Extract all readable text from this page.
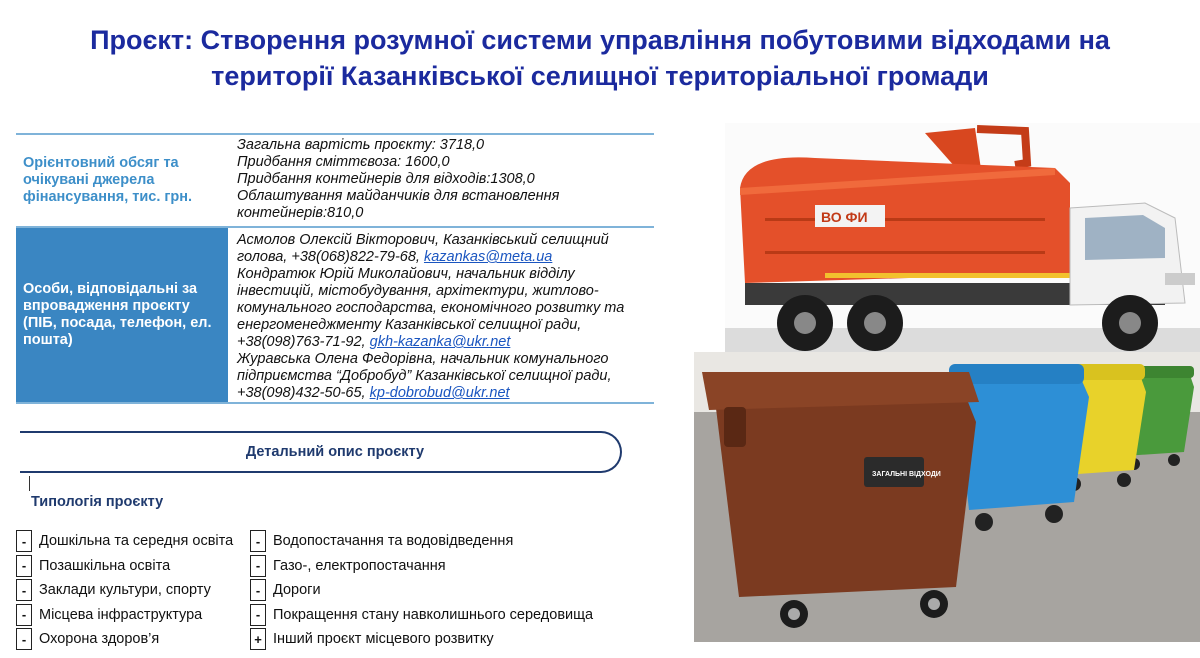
Проєкт: Створення розумної системи управління побутовими відходами на
території Казанківської селищної територіальної громади
Орієнтовний обсяг та очікувані джерела фінансування, тис. грн.
Загальна вартість проєкту: 3718,0
Придбання сміттєвоза: 1600,0
Придбання контейнерів для відходів:1308,0
Облаштування майданчиків для встановлення контейнерів:810,0
Особи, відповідальні за впровадження проєкту (ПІБ, посада, телефон, ел. пошта)
Асмолов Олексій Вікторович, Казанківський селищний голова, +38(068)822-79-68, kazankas@meta.ua
Кондратюк Юрій Миколайович, начальник відділу інвестицій, містобудування, архітектури, житлово-комунального господарства, економічного розвитку та енергоменеджменту Казанківської селищної ради, +38(098)763-71-92, gkh-kazanka@ukr.net
Журавська Олена Федорівна, начальник комунального підприємства “Добробуд” Казанківської селищної ради, +38(098)432-50-65, kp-dobrobud@ukr.net
Детальний опис проєкту
Типологія проєкту
- Дошкільна та середня освіта
- Позашкільна освіта
- Заклади культури, спорту
- Місцева інфраструктура
- Охорона здоров’я
- Водопостачання та водовідведення
- Газо-, електропостачання
- Дороги
- Покращення стану навколишнього середовища
+ Інший проєкт місцевого розвитку
ВО ФИ
ЗАГАЛЬНІ ВІДХОДИ
